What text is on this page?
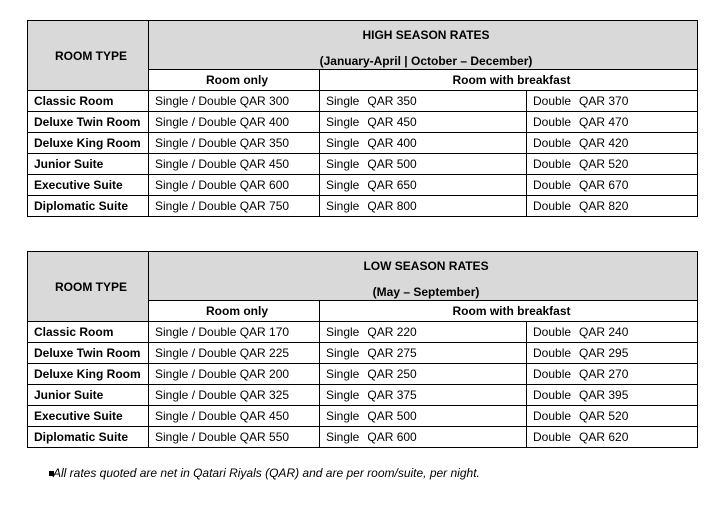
ROOM TYPE	HIGH SEASON RATES
(January-April | October – December)		

	Room only	Room with breakfast	
Classic Room	Single / Double QAR 300	Single QAR 350	Double QAR 370
Deluxe Twin Room	Single / Double QAR 400	Single QAR 450	Double QAR 470
Deluxe King Room	Single / Double QAR 350	Single QAR 400	Double QAR 420
Junior Suite	Single / Double QAR 450	Single QAR 500	Double QAR 520
Executive Suite	Single / Double QAR 600	Single QAR 650	Double QAR 670
Diplomatic Suite	Single / Double QAR 750	Single QAR 800	Double QAR 820
ROOM TYPE	LOW SEASON RATES
(May – September)		

	Room only	Room with breakfast	
Classic Room	Single / Double QAR 170	Single QAR 220	Double QAR 240
Deluxe Twin Room	Single / Double QAR 225	Single QAR 275	Double QAR 295
Deluxe King Room	Single / Double QAR 200	Single QAR 250	Double QAR 270
Junior Suite	Single / Double QAR 325	Single QAR 375	Double QAR 395
Executive Suite	Single / Double QAR 450	Single QAR 500	Double QAR 520
Diplomatic Suite	Single / Double QAR 550	Single QAR 600	Double QAR 620
All rates quoted are net in Qatari Riyals (QAR) and are per room/suite, per night.
